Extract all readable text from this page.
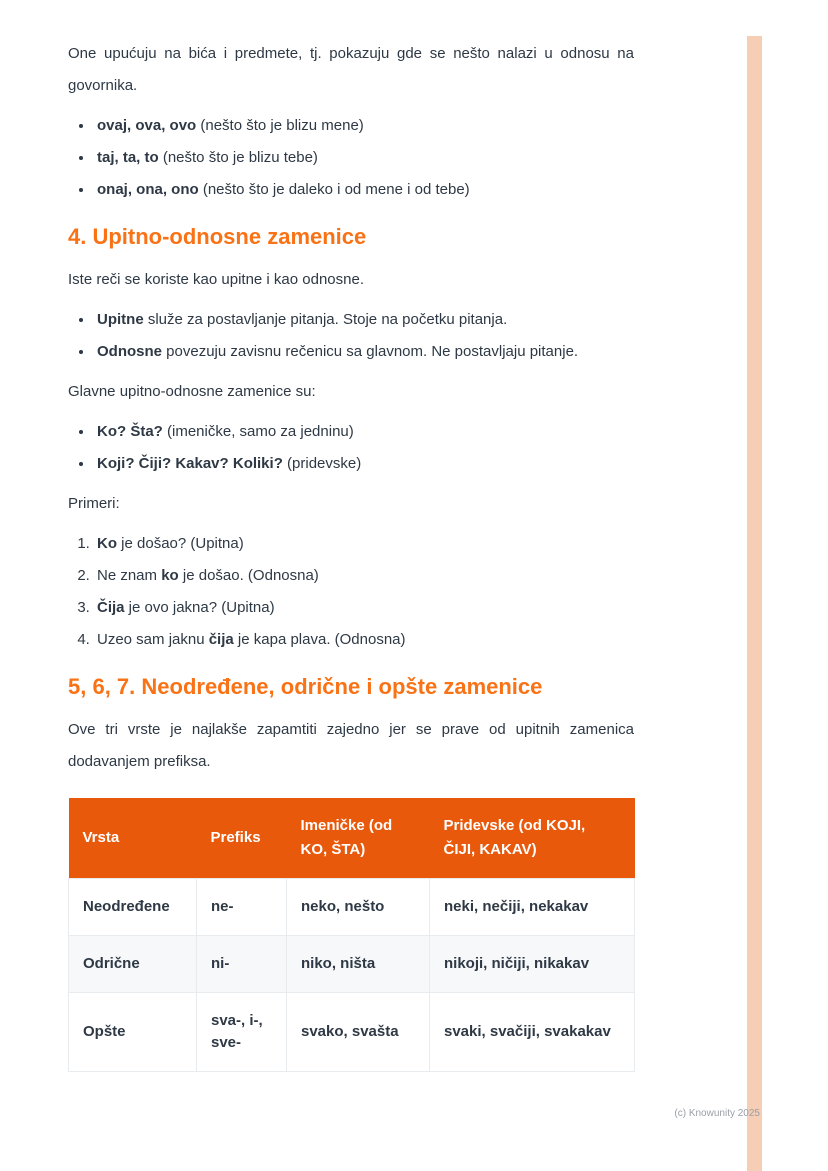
One upućuju na bića i predmete, tj. pokazuju gde se nešto nalazi u odnosu na govornika.

• ovaj, ova, ovo (nešto što je blizu mene)
• taj, ta, to (nešto što je blizu tebe)
• onaj, ona, ono (nešto što je daleko i od mene i od tebe)
4. Upitno-odnosne zamenice

Iste reči se koriste kao upitne i kao odnosne.

• Upitne služe za postavljanje pitanja. Stoje na početku pitanja.
• Odnosne povezuju zavisnu rečenicu sa glavnom. Ne postavljaju pitanje.

Glavne upitno-odnosne zamenice su:

• Ko? Šta? (imeničke, samo za jedninu)
• Koji? Čiji? Kakav? Koliki? (pridevske)

Primeri:

1. Ko je došao? (Upitna)
2. Ne znam ko je došao. (Odnosna)
3. Čija je ovo jakna? (Upitna)
4. Uzeo sam jaknu čija je kapa plava. (Odnosna)
5, 6, 7. Neodređene, odrične i opšte zamenice

Ove tri vrste je najlakše zapamtiti zajedno jer se prave od upitnih zamenica dodavanjem prefiksa.

Vrsta	Prefiks	Imeničke (od KO, ŠTA)	Pridevske (od KOJI, ČIJI, KAKAV)
Neodređene	ne-	neko, nešto	neki, nečiji, nekakav
Odrične	ni-	niko, ništa	nikoji, ničiji, nikakav
Opšte	sva-, i-, sve-	svako, svašta	svaki, svačiji, svakakav
(c) Knowunity 2025
